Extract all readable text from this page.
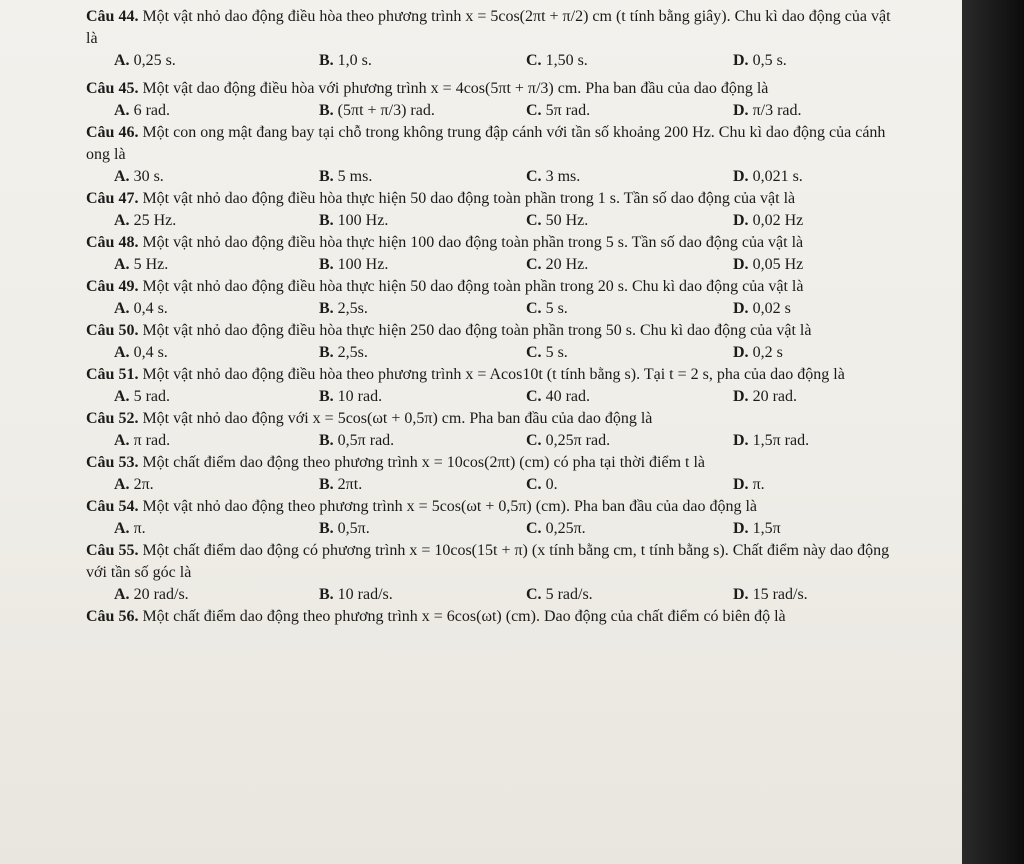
Câu 44. Một vật nhỏ dao động điều hòa theo phương trình x = 5cos(2πt + π/2) cm (t tính bằng giây). Chu kì dao động của vật là

A. 0,25 s.	B. 1,0 s.	C. 1,50 s.	D. 0,5 s.

Câu 45. Một vật dao động điều hòa với phương trình x = 4cos(5πt + π/3) cm. Pha ban đầu của dao động là

A. 6 rad.	B. (5πt + π/3) rad.	C. 5π rad.	D. π/3 rad.

Câu 46. Một con ong mật đang bay tại chỗ trong không trung đập cánh với tần số khoảng 200 Hz. Chu kì dao động của cánh ong là

A. 30 s.	B. 5 ms.	C. 3 ms.	D. 0,021 s.

Câu 47. Một vật nhỏ dao động điều hòa thực hiện 50 dao động toàn phần trong 1 s. Tần số dao động của vật là

A. 25 Hz.	B. 100 Hz.	C. 50 Hz.	D. 0,02 Hz

Câu 48. Một vật nhỏ dao động điều hòa thực hiện 100 dao động toàn phần trong 5 s. Tần số dao động của vật là

A. 5 Hz.	B. 100 Hz.	C. 20 Hz.	D. 0,05 Hz

Câu 49. Một vật nhỏ dao động điều hòa thực hiện 50 dao động toàn phần trong 20 s. Chu kì dao động của vật là

A. 0,4 s.	B. 2,5s.	C. 5 s.	D. 0,02 s

Câu 50. Một vật nhỏ dao động điều hòa thực hiện 250 dao động toàn phần trong 50 s. Chu kì dao động của vật là

A. 0,4 s.	B. 2,5s.	C. 5 s.	D. 0,2 s

Câu 51. Một vật nhỏ dao động điều hòa theo phương trình x = Acos10t (t tính bằng s). Tại t = 2 s, pha của dao động là

A. 5 rad.	B. 10 rad.	C. 40 rad.	D. 20 rad.

Câu 52. Một vật nhỏ dao động với x = 5cos(ωt + 0,5π) cm. Pha ban đầu của dao động là

A. π rad.	B. 0,5π rad.	C. 0,25π rad.	D. 1,5π rad.

Câu 53. Một chất điểm dao động theo phương trình x = 10cos(2πt) (cm) có pha tại thời điểm t là

A. 2π.	B. 2πt.	C. 0.	D. π.

Câu 54. Một vật nhỏ dao động theo phương trình x = 5cos(ωt + 0,5π) (cm). Pha ban đầu của dao động là

A. π.	B. 0,5π.	C. 0,25π.	D. 1,5π

Câu 55. Một chất điểm dao động có phương trình x = 10cos(15t + π) (x tính bằng cm, t tính bằng s). Chất điểm này dao động với tần số góc là

A. 20 rad/s.	B. 10 rad/s.	C. 5 rad/s.	D. 15 rad/s.

Câu 56. Một chất điểm dao động theo phương trình x = 6cos(ωt) (cm). Dao động của chất điểm có biên độ là
